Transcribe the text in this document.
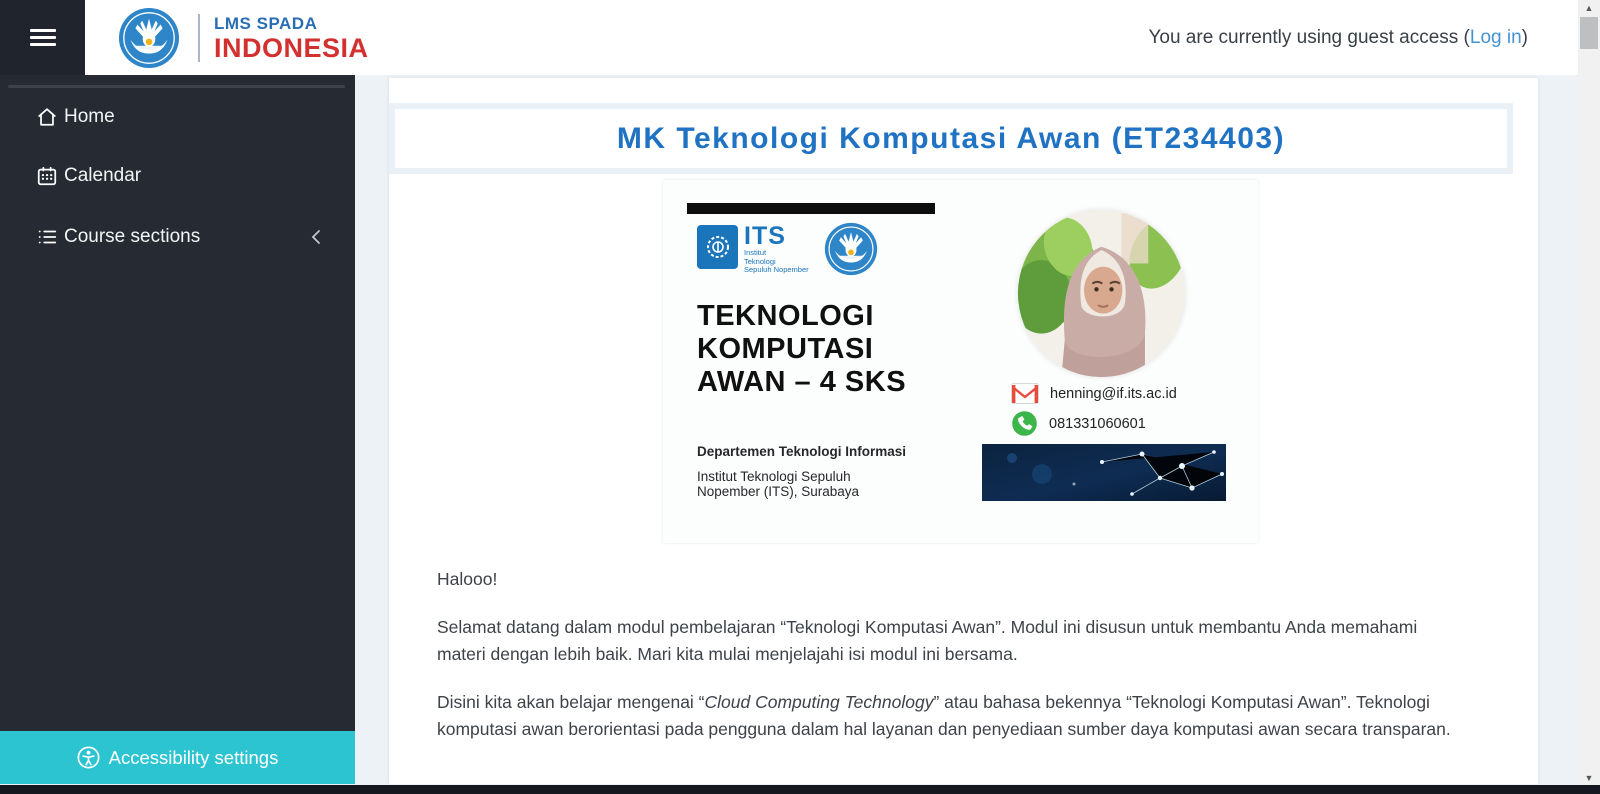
LMS SPADA
INDONESIA	You are currently using guest access ( Log in )
Home
Calendar
Course sections
Accessibility settings
MK Teknologi Komputasi Awan (ET234403)
ITS
Institut
Teknologi
Sepuluh Nopember
TEKNOLOGI
KOMPUTASI
AWAN – 4 SKS
Departemen Teknologi Informasi
Institut Teknologi Sepuluh
Nopember (ITS), Surabaya
henning@if.its.ac.id
081331060601

Halooo!

Selamat datang dalam modul pembelajaran “Teknologi Komputasi Awan”. Modul ini disusun untuk membantu Anda memahami materi dengan lebih baik. Mari kita mulai menjelajahi isi modul ini bersama.

Disini kita akan belajar mengenai “Cloud Computing Technology” atau bahasa bekennya “Teknologi Komputasi Awan”. Teknologi komputasi awan berorientasi pada pengguna dalam hal layanan dan penyediaan sumber daya komputasi awan secara transparan.

▲
▼
